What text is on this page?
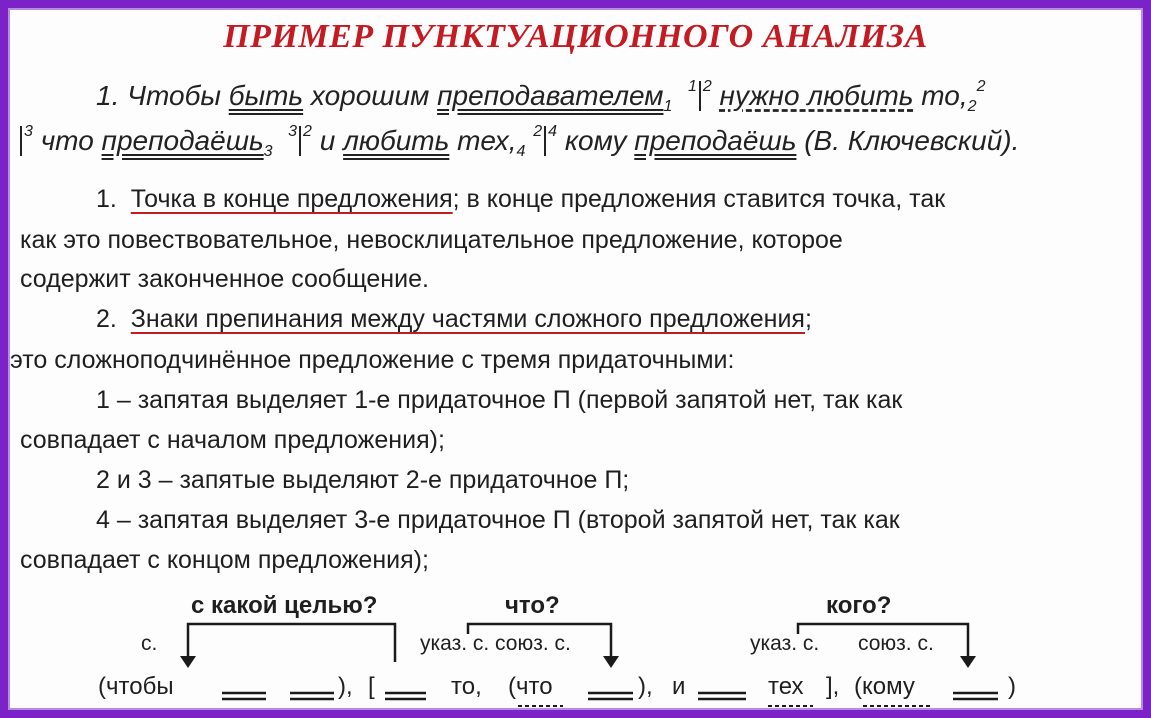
ПРИМЕР ПУНКТУАЦИОННОГО АНАЛИЗА
1. Чтобы быть хорошим преподавателем$_1$  $^1$ $^2$ нужно любить $то,_2^2$
$^3$ что преподаёшь$_3$  $^3$ $^2$ и любить $тех,_4$ $^2$ $^4$ кому преподаёшь (В. Ключевский).
1. Точка в конце предложения; в конце предложения ставится точка, так
как это повествовательное, невосклицательное предложение, которое
содержит законченное сообщение.
2. Знаки препинания между частями сложного предложения;
это сложноподчинённое предложение с тремя придаточными:
1 – запятая выделяет 1-е придаточное П (первой запятой нет, так как
совпадает с началом предложения);
2 и 3 – запятые выделяют 2-е придаточное П;
4 – запятая выделяет 3-е придаточное П (второй запятой нет, так как
совпадает с концом предложения);
с какой целью?	что?	кого?
с.	указ. с. союз. с.	указ. с. союз. с.
(чтобы	), [	то, (что	), и	тех ], (кому	)
